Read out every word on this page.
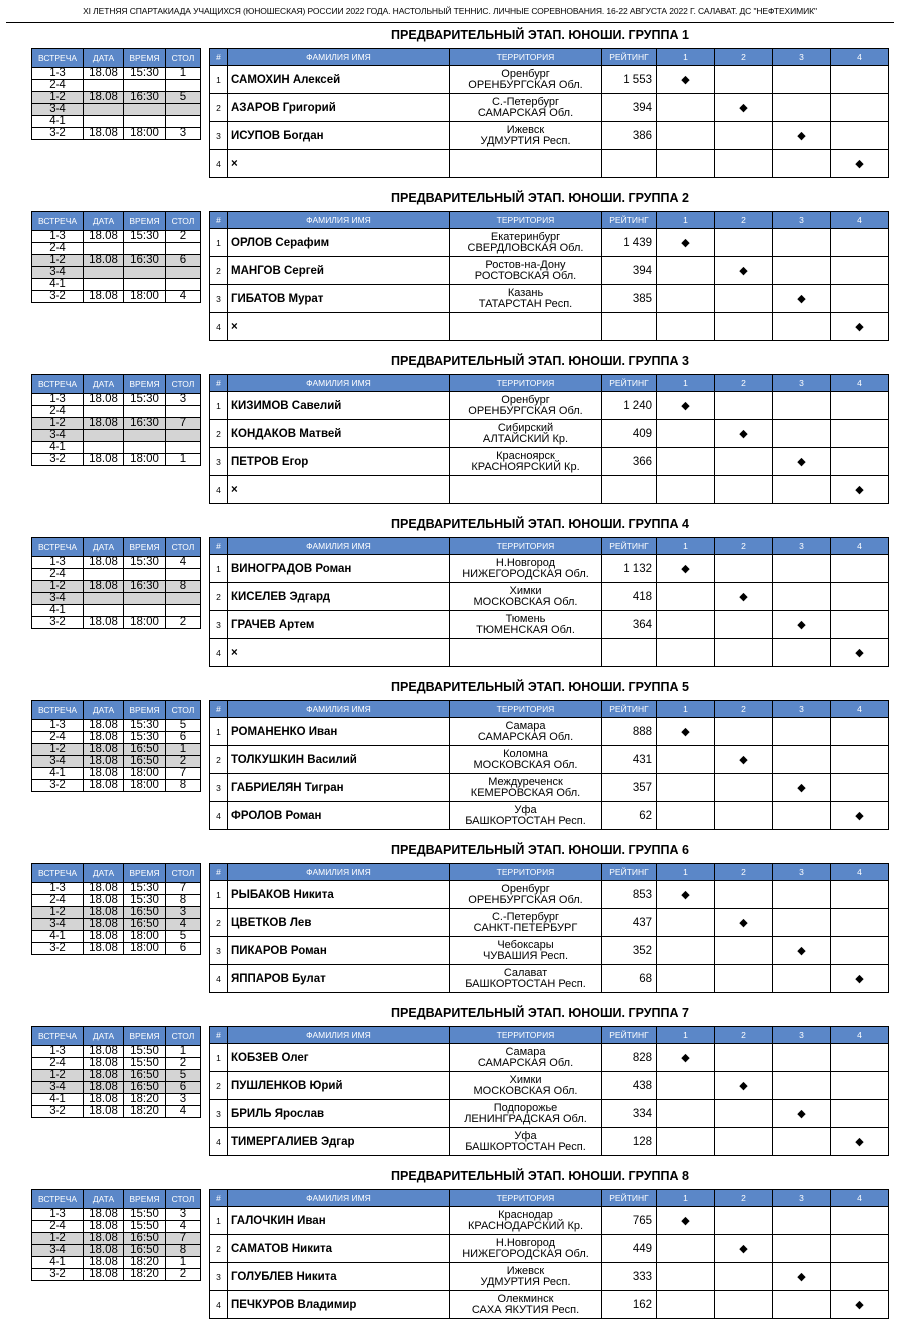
XI ЛЕТНЯЯ СПАРТАКИАДА УЧАЩИХСЯ (ЮНОШЕСКАЯ) РОССИИ 2022 ГОДА. НАСТОЛЬНЫЙ ТЕННИС. ЛИЧНЫЕ СОРЕВНОВАНИЯ. 16-22 АВГУСТА 2022 Г. САЛАВАТ. ДС "НЕФТЕХИМИК"
ПРЕДВАРИТЕЛЬНЫЙ ЭТАП. ЮНОШИ. ГРУППА 1
ВСТРЕЧА	ДАТА	ВРЕМЯ	СТОЛ
1-3	18.08	15:30	1
2-4			
1-2	18.08	16:30	5
3-4			
4-1			
3-2	18.08	18:00	3
#	ФАМИЛИЯ ИМЯ	ТЕРРИТОРИЯ	РЕЙТИНГ	1	2	3	4
1	САМОХИН Алексей	Оренбург
ОРЕНБУРГСКАЯ Обл.	1 553	◆			
2	АЗАРОВ Григорий	С.-Петербург
САМАРСКАЯ Обл.	394		◆		
3	ИСУПОВ Богдан	Ижевск
УДМУРТИЯ Респ.	386			◆	
4	×						◆
ПРЕДВАРИТЕЛЬНЫЙ ЭТАП. ЮНОШИ. ГРУППА 2
ВСТРЕЧА	ДАТА	ВРЕМЯ	СТОЛ
1-3	18.08	15:30	2
2-4			
1-2	18.08	16:30	6
3-4			
4-1			
3-2	18.08	18:00	4
#	ФАМИЛИЯ ИМЯ	ТЕРРИТОРИЯ	РЕЙТИНГ	1	2	3	4
1	ОРЛОВ Серафим	Екатеринбург
СВЕРДЛОВСКАЯ Обл.	1 439	◆			
2	МАНГОВ Сергей	Ростов-на-Дону
РОСТОВСКАЯ Обл.	394		◆		
3	ГИБАТОВ Мурат	Казань
ТАТАРСТАН Респ.	385			◆	
4	×						◆
ПРЕДВАРИТЕЛЬНЫЙ ЭТАП. ЮНОШИ. ГРУППА 3
ВСТРЕЧА	ДАТА	ВРЕМЯ	СТОЛ
1-3	18.08	15:30	3
2-4			
1-2	18.08	16:30	7
3-4			
4-1			
3-2	18.08	18:00	1
#	ФАМИЛИЯ ИМЯ	ТЕРРИТОРИЯ	РЕЙТИНГ	1	2	3	4
1	КИЗИМОВ Савелий	Оренбург
ОРЕНБУРГСКАЯ Обл.	1 240	◆			
2	КОНДАКОВ Матвей	Сибирский
АЛТАЙСКИЙ Кр.	409		◆		
3	ПЕТРОВ Егор	Красноярск
КРАСНОЯРСКИЙ Кр.	366			◆	
4	×						◆
ПРЕДВАРИТЕЛЬНЫЙ ЭТАП. ЮНОШИ. ГРУППА 4
ВСТРЕЧА	ДАТА	ВРЕМЯ	СТОЛ
1-3	18.08	15:30	4
2-4			
1-2	18.08	16:30	8
3-4			
4-1			
3-2	18.08	18:00	2
#	ФАМИЛИЯ ИМЯ	ТЕРРИТОРИЯ	РЕЙТИНГ	1	2	3	4
1	ВИНОГРАДОВ Роман	Н.Новгород
НИЖЕГОРОДСКАЯ Обл.	1 132	◆			
2	КИСЕЛЕВ Эдгард	Химки
МОСКОВСКАЯ Обл.	418		◆		
3	ГРАЧЕВ Артем	Тюмень
ТЮМЕНСКАЯ Обл.	364			◆	
4	×						◆
ПРЕДВАРИТЕЛЬНЫЙ ЭТАП. ЮНОШИ. ГРУППА 5
ВСТРЕЧА	ДАТА	ВРЕМЯ	СТОЛ
1-3	18.08	15:30	5
2-4	18.08	15:30	6
1-2	18.08	16:50	1
3-4	18.08	16:50	2
4-1	18.08	18:00	7
3-2	18.08	18:00	8
#	ФАМИЛИЯ ИМЯ	ТЕРРИТОРИЯ	РЕЙТИНГ	1	2	3	4
1	РОМАНЕНКО Иван	Самара
САМАРСКАЯ Обл.	888	◆			
2	ТОЛКУШКИН Василий	Коломна
МОСКОВСКАЯ Обл.	431		◆		
3	ГАБРИЕЛЯН Тигран	Междуреченск
КЕМЕРОВСКАЯ Обл.	357			◆	
4	ФРОЛОВ Роман	Уфа
БАШКОРТОСТАН Респ.	62				◆
ПРЕДВАРИТЕЛЬНЫЙ ЭТАП. ЮНОШИ. ГРУППА 6
ВСТРЕЧА	ДАТА	ВРЕМЯ	СТОЛ
1-3	18.08	15:30	7
2-4	18.08	15:30	8
1-2	18.08	16:50	3
3-4	18.08	16:50	4
4-1	18.08	18:00	5
3-2	18.08	18:00	6
#	ФАМИЛИЯ ИМЯ	ТЕРРИТОРИЯ	РЕЙТИНГ	1	2	3	4
1	РЫБАКОВ Никита	Оренбург
ОРЕНБУРГСКАЯ Обл.	853	◆			
2	ЦВЕТКОВ Лев	С.-Петербург
САНКТ-ПЕТЕРБУРГ	437		◆		
3	ПИКАРОВ Роман	Чебоксары
ЧУВАШИЯ Респ.	352			◆	
4	ЯППАРОВ Булат	Салават
БАШКОРТОСТАН Респ.	68				◆
ПРЕДВАРИТЕЛЬНЫЙ ЭТАП. ЮНОШИ. ГРУППА 7
ВСТРЕЧА	ДАТА	ВРЕМЯ	СТОЛ
1-3	18.08	15:50	1
2-4	18.08	15:50	2
1-2	18.08	16:50	5
3-4	18.08	16:50	6
4-1	18.08	18:20	3
3-2	18.08	18:20	4
#	ФАМИЛИЯ ИМЯ	ТЕРРИТОРИЯ	РЕЙТИНГ	1	2	3	4
1	КОБЗЕВ Олег	Самара
САМАРСКАЯ Обл.	828	◆			
2	ПУШЛЕНКОВ Юрий	Химки
МОСКОВСКАЯ Обл.	438		◆		
3	БРИЛЬ Ярослав	Подпорожье
ЛЕНИНГРАДСКАЯ Обл.	334			◆	
4	ТИМЕРГАЛИЕВ Эдгар	Уфа
БАШКОРТОСТАН Респ.	128				◆
ПРЕДВАРИТЕЛЬНЫЙ ЭТАП. ЮНОШИ. ГРУППА 8
ВСТРЕЧА	ДАТА	ВРЕМЯ	СТОЛ
1-3	18.08	15:50	3
2-4	18.08	15:50	4
1-2	18.08	16:50	7
3-4	18.08	16:50	8
4-1	18.08	18:20	1
3-2	18.08	18:20	2
#	ФАМИЛИЯ ИМЯ	ТЕРРИТОРИЯ	РЕЙТИНГ	1	2	3	4
1	ГАЛОЧКИН Иван	Краснодар
КРАСНОДАРСКИЙ Кр.	765	◆			
2	САМАТОВ Никита	Н.Новгород
НИЖЕГОРОДСКАЯ Обл.	449		◆		
3	ГОЛУБЛЕВ Никита	Ижевск
УДМУРТИЯ Респ.	333			◆	
4	ПЕЧКУРОВ Владимир	Олекминск
САХА ЯКУТИЯ Респ.	162				◆
